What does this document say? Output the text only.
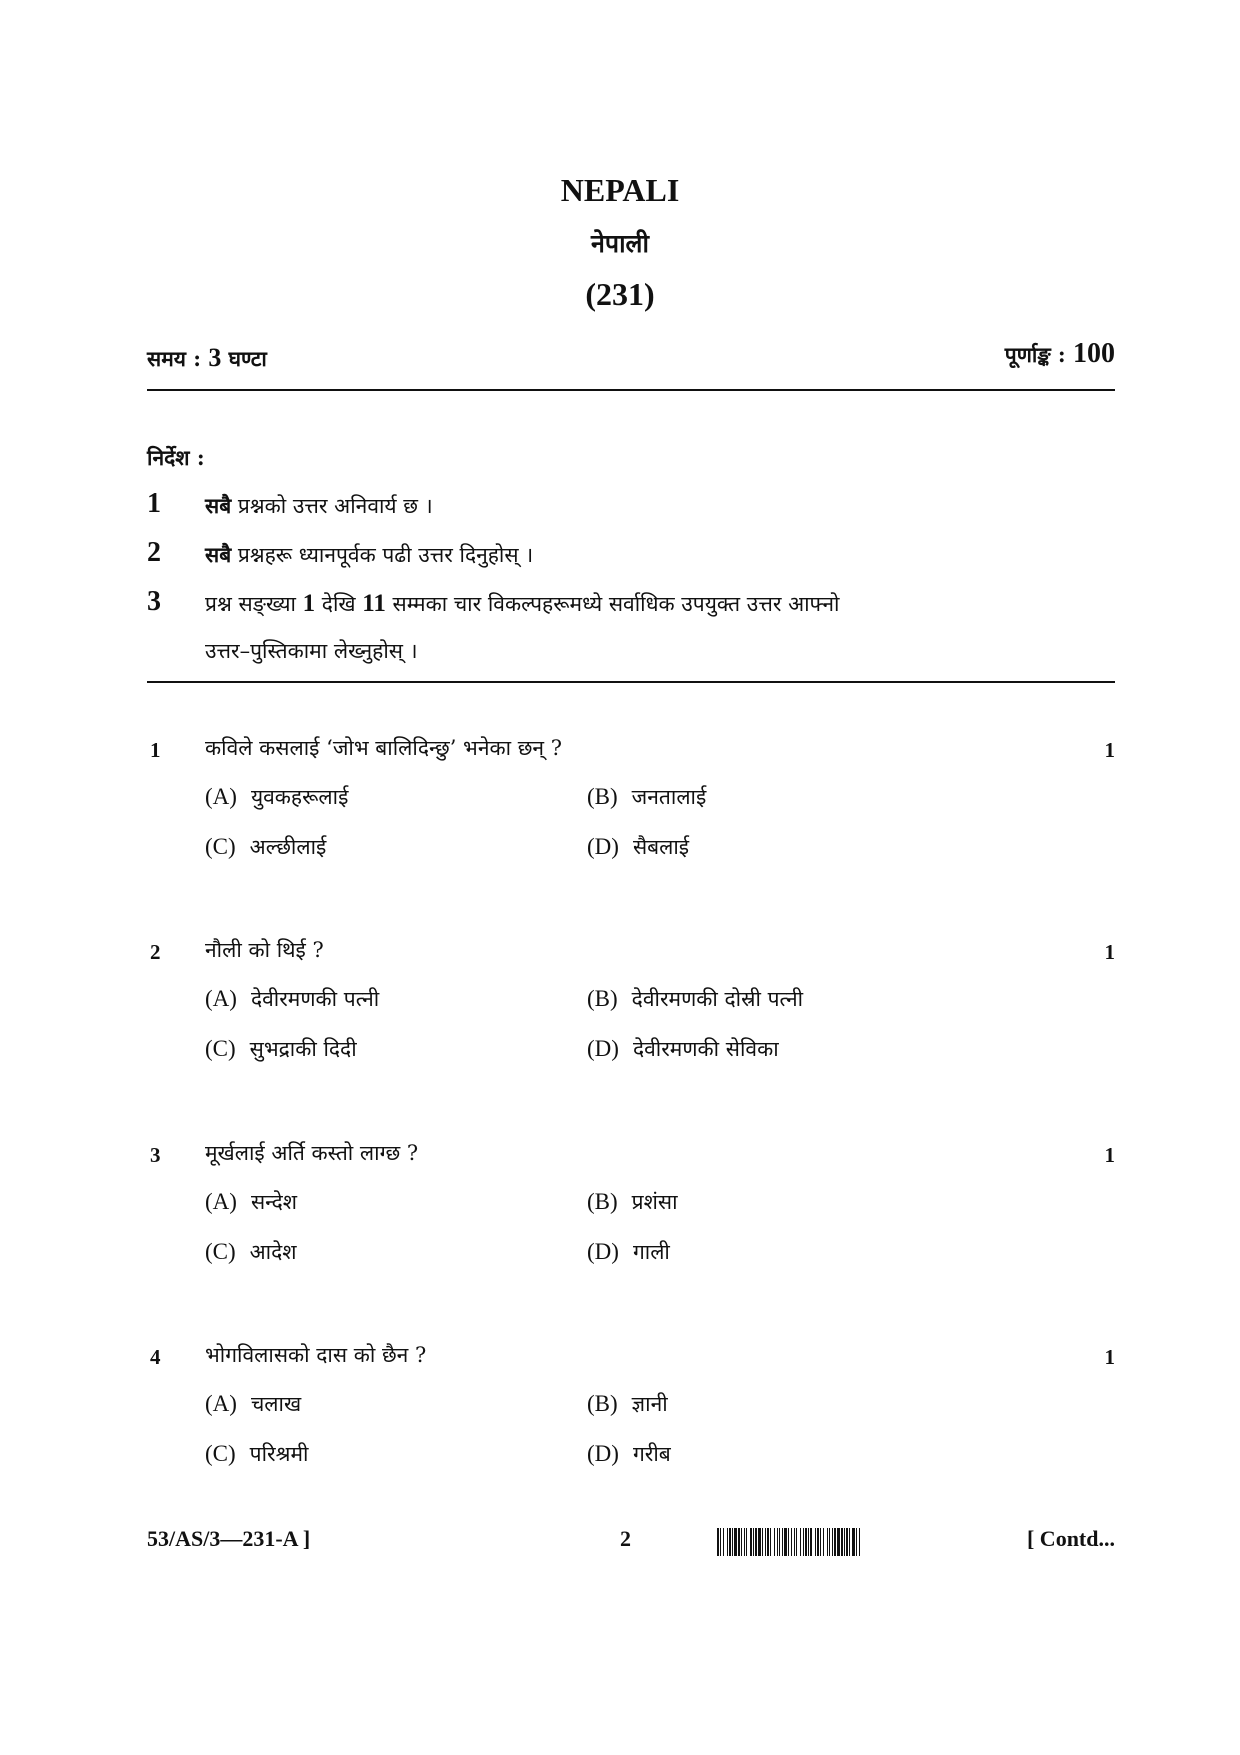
NEPALI
नेपाली
(231)
समय : 3 घण्टा	पूर्णाङ्क : 100
निर्देश :
1 सबै प्रश्नको उत्तर अनिवार्य छ ।
2 सबै प्रश्नहरू ध्यानपूर्वक पढी उत्तर दिनुहोस् ।
3 प्रश्न सङ्ख्या 1 देखि 11 सम्मका चार विकल्पहरूमध्ये सर्वाधिक उपयुक्त उत्तर आफ्नो
उत्तर–पुस्तिकामा लेख्नुहोस् ।
1 कविले कसलाई ‘जोभ बालिदिन्छु’ भनेका छन् ?	1
(A) युवकहरूलाई	(B) जनतालाई
(C) अल्छीलाई	(D) सैबलाई
2 नौली को थिई ?	1
(A) देवीरमणकी पत्नी	(B) देवीरमणकी दोस्री पत्नी
(C) सुभद्राकी दिदी	(D) देवीरमणकी सेविका
3 मूर्खलाई अर्ति कस्तो लाग्छ ?	1
(A) सन्देश	(B) प्रशंसा
(C) आदेश	(D) गाली
4 भोगविलासको दास को छैन ?	1
(A) चलाख	(B) ज्ञानी
(C) परिश्रमी	(D) गरीब
53/AS/3—231-A ]	2	[ Contd...
